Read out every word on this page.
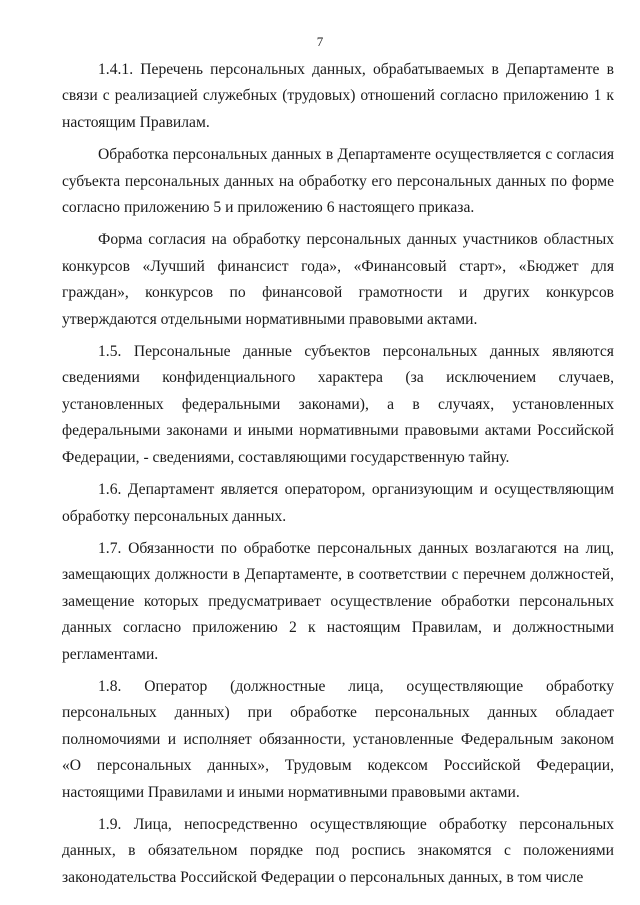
7

1.4.1. Перечень персональных данных, обрабатываемых в Департаменте в связи с реализацией служебных (трудовых) отношений согласно приложению 1 к настоящим Правилам.

Обработка персональных данных в Департаменте осуществляется с согласия субъекта персональных данных на обработку его персональных данных по форме согласно приложению 5 и приложению 6 настоящего приказа.

Форма согласия на обработку персональных данных участников областных конкурсов «Лучший финансист года», «Финансовый старт», «Бюджет для граждан», конкурсов по финансовой грамотности и других конкурсов утверждаются отдельными нормативными правовыми актами.

1.5. Персональные данные субъектов персональных данных являются сведениями конфиденциального характера (за исключением случаев, установленных федеральными законами), а в случаях, установленных федеральными законами и иными нормативными правовыми актами Российской Федерации, - сведениями, составляющими государственную тайну.

1.6. Департамент является оператором, организующим и осуществляющим обработку персональных данных.

1.7. Обязанности по обработке персональных данных возлагаются на лиц, замещающих должности в Департаменте, в соответствии с перечнем должностей, замещение которых предусматривает осуществление обработки персональных данных согласно приложению 2 к настоящим Правилам, и должностными регламентами.

1.8. Оператор (должностные лица, осуществляющие обработку персональных данных) при обработке персональных данных обладает полномочиями и исполняет обязанности, установленные Федеральным законом «О персональных данных», Трудовым кодексом Российской Федерации, настоящими Правилами и иными нормативными правовыми актами.

1.9. Лица, непосредственно осуществляющие обработку персональных данных, в обязательном порядке под роспись знакомятся с положениями законодательства Российской Федерации о персональных данных, в том числе
